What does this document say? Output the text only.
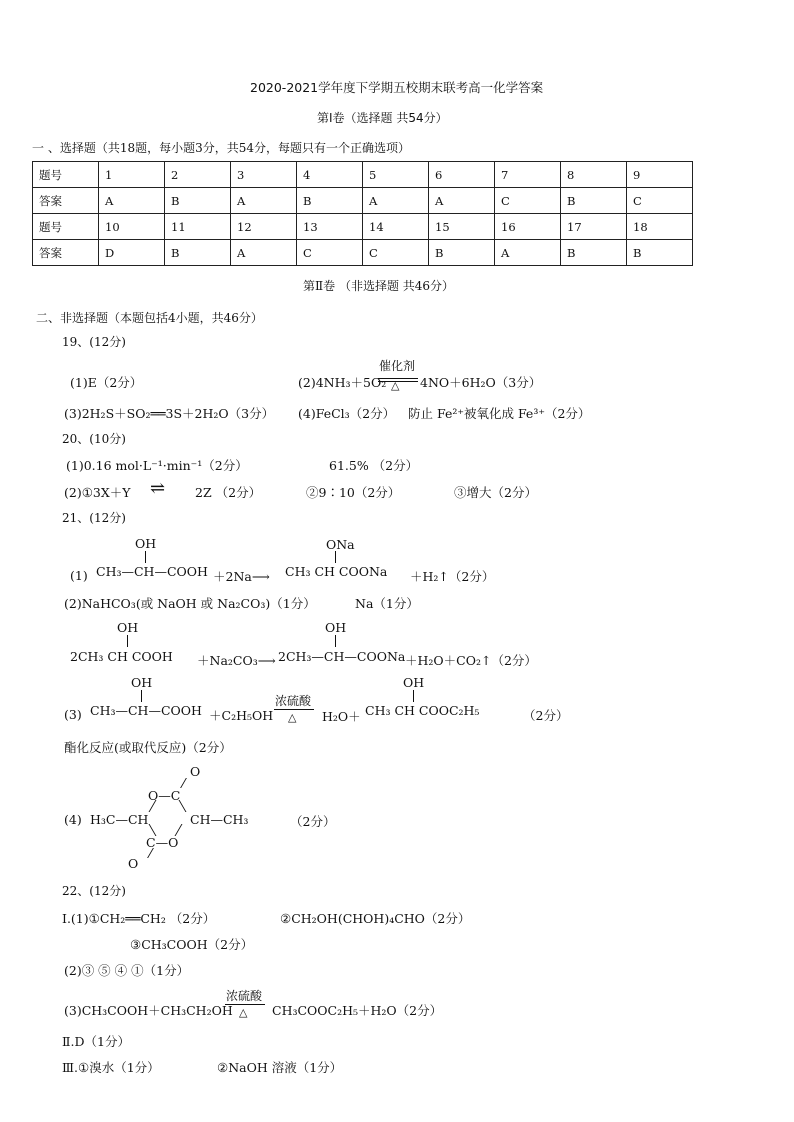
2020-2021学年度下学期五校期末联考高一化学答案
第Ⅰ卷（选择题 共54分）
一 、选择题（共18题，每小题3分，共54分，每题只有一个正确选项）
题号	1	2	3	4	5	6	7	8	9
答案	A	B	A	B	A	A	C	B	C
题号	10	11	12	13	14	15	16	17	18
答案	D	B	A	C	C	B	A	B	B
第Ⅱ卷 （非选择题 共46分）
二、非选择题（本题包括4小题，共46分）
19、(12分)
(1)E（2分）	(2)4NH₃＋5O₂
催化剂
△ 4NO＋6H₂O（3分）
(3)2H₂S＋SO₂══3S＋2H₂O（3分） (4)FeCl₃（2分） 防止 Fe²⁺被氧化成 Fe³⁺（2分）
20、(10分)
(1)0.16 mol·L⁻¹·min⁻¹（2分）	61.5% （2分）
(2)①3X＋Y ⇌ 2Z （2分）	②9∶10（2分）	③增大（2分）
21、(12分)
(1)
OH
CH₃—CH—COOH ＋2Na⟶
ONa
CH₃ CH COONa ＋H₂↑（2分）
(2)NaHCO₃(或 NaOH 或 Na₂CO₃)（1分）	Na（1分）
OH
2CH₃ CH COOH ＋Na₂CO₃⟶
OH
2CH₃—CH—COONa ＋H₂O＋CO₂↑（2分）
(3)
OH
CH₃—CH—COOH ＋C₂H₅OH
浓硫酸
△ H₂O＋
OH
CH₃ CH COOC₂H₅	（2分）
酯化反应(或取代反应)（2分）
(4)
O
O—C
H₃C—CH	CH—CH₃
C—O
O
（2分）
22、(12分)
Ⅰ.(1)①CH₂══CH₂ （2分）	②CH₂OH(CHOH)₄CHO（2分）
③CH₃COOH（2分）
(2)③ ⑤ ④ ①（1分）
(3)CH₃COOH＋CH₃CH₂OH
浓硫酸
△ CH₃COOC₂H₅＋H₂O（2分）
Ⅱ.D（1分）
Ⅲ.①溴水（1分）	②NaOH 溶液（1分）
